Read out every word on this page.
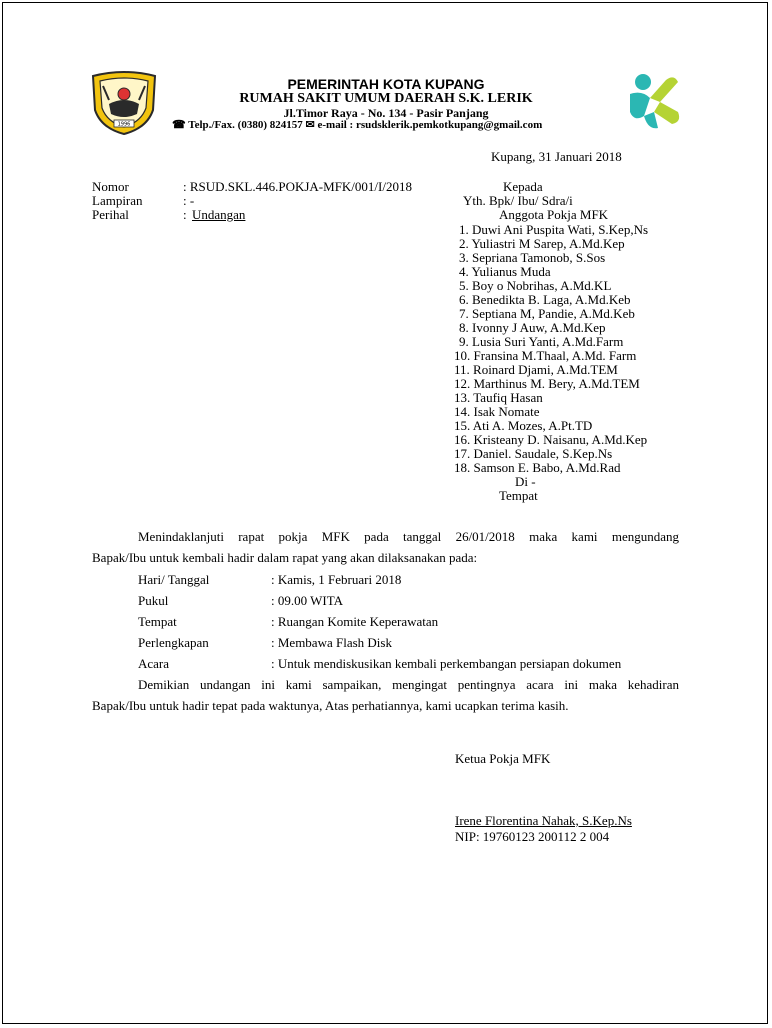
1996
PEMERINTAH KOTA KUPANG
RUMAH SAKIT UMUM DAERAH S.K. LERIK
Jl.Timor Raya - No. 134 - Pasir Panjang
☎ Telp./Fax. (0380) 824157 ✉ e-mail : rsudsklerik.pemkotkupang@gmail.com
Kupang, 31 Januari 2018
Nomor	: RSUD.SKL.446.POKJA-MFK/001/I/2018
Lampiran	: -
Perihal	: Undangan
Kepada
Yth. Bpk/ Ibu/ Sdra/i
Anggota Pokja MFK
1. Duwi Ani Puspita Wati, S.Kep,Ns
2. Yuliastri M Sarep, A.Md.Kep
3. Sepriana Tamonob, S.Sos
4. Yulianus Muda
5. Boy o Nobrihas, A.Md.KL
6. Benedikta B. Laga, A.Md.Keb
7. Septiana M, Pandie, A.Md.Keb
8. Ivonny J Auw, A.Md.Kep
9. Lusia Suri Yanti, A.Md.Farm
10. Fransina M.Thaal, A.Md. Farm
11. Roinard Djami, A.Md.TEM
12. Marthinus M. Bery, A.Md.TEM
13. Taufiq Hasan
14. Isak Nomate
15. Ati A. Mozes, A.Pt.TD
16. Kristeany D. Naisanu, A.Md.Kep
17. Daniel. Saudale, S.Kep.Ns
18. Samson E. Babo, A.Md.Rad
Di -
Tempat
Menindaklanjuti rapat pokja MFK pada tanggal 26/01/2018 maka kami mengundang
Bapak/Ibu untuk kembali hadir dalam rapat yang akan dilaksanakan pada:
Hari/ Tanggal	: Kamis, 1 Februari 2018
Pukul	: 09.00 WITA
Tempat	: Ruangan Komite Keperawatan
Perlengkapan	: Membawa Flash Disk
Acara	: Untuk mendiskusikan kembali perkembangan persiapan dokumen
Demikian undangan ini kami sampaikan, mengingat pentingnya acara ini maka kehadiran
Bapak/Ibu untuk hadir tepat pada waktunya, Atas perhatiannya, kami ucapkan terima kasih.
Ketua Pokja MFK
Irene Florentina Nahak, S.Kep.Ns
NIP: 19760123 200112 2 004
